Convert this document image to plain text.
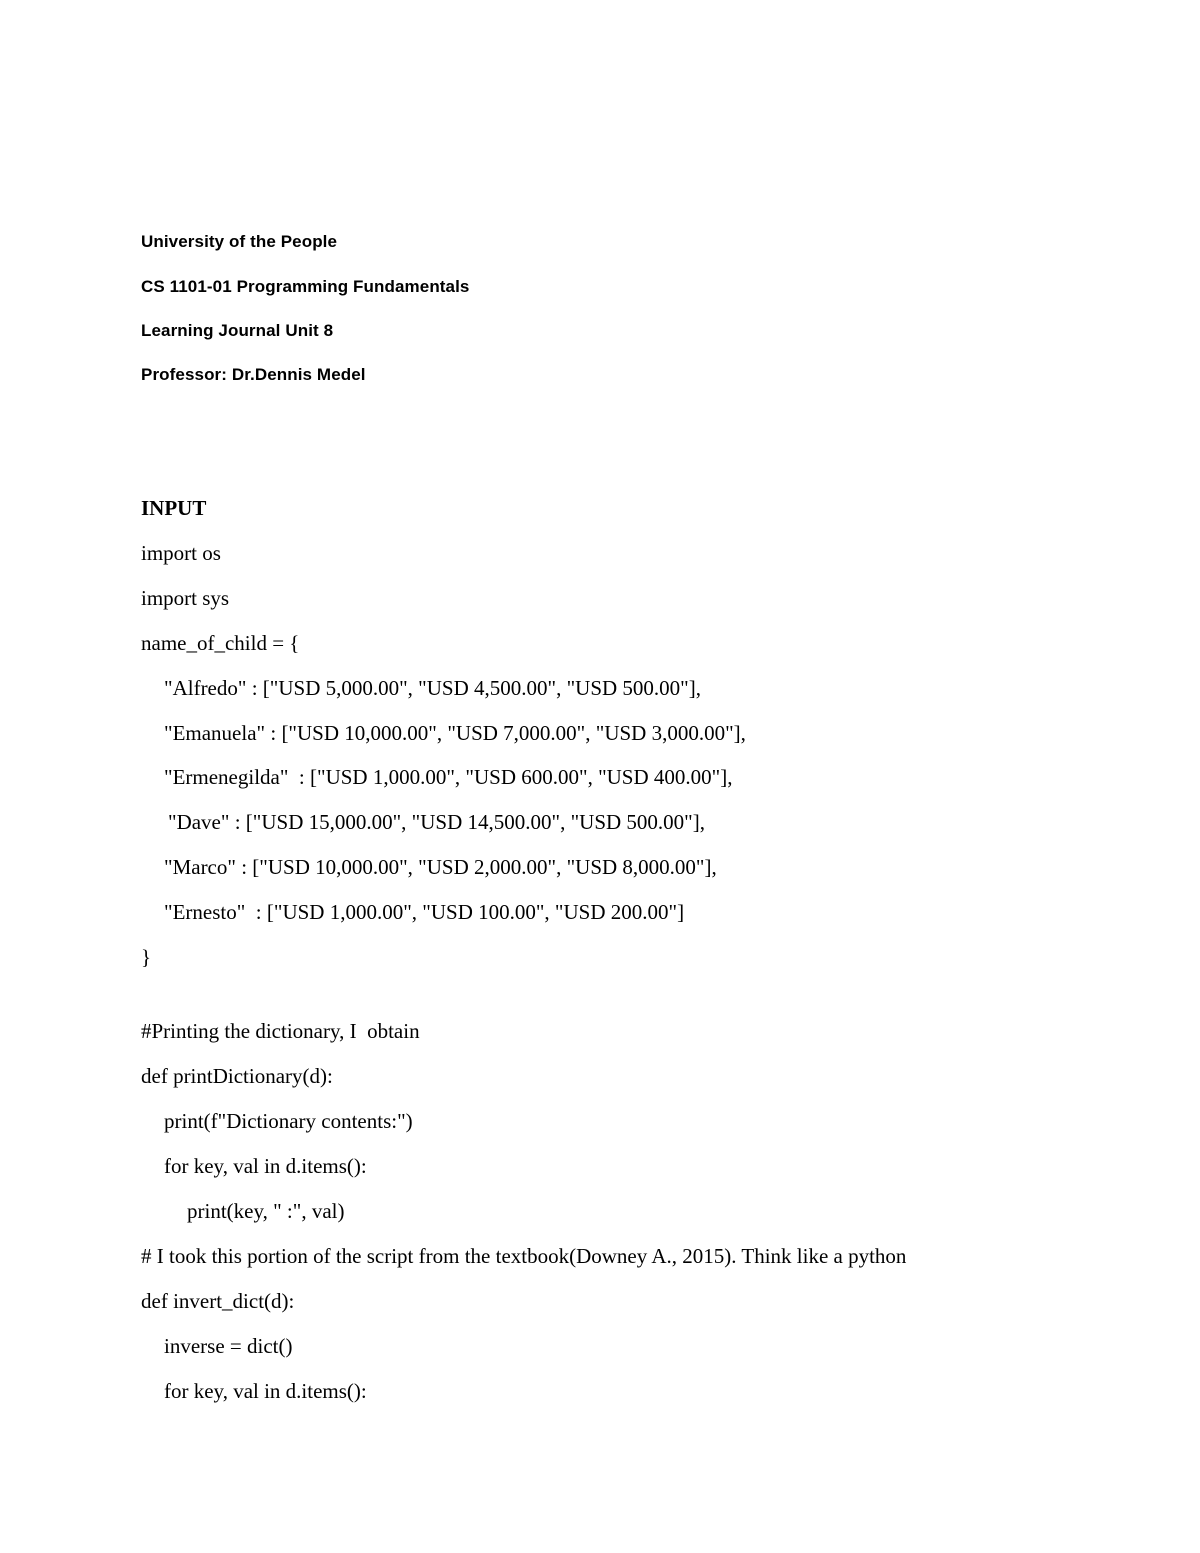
University of the People
CS 1101-01 Programming Fundamentals
Learning Journal Unit 8
Professor: Dr.Dennis Medel
INPUT
import os
import sys
name_of_child = {
"Alfredo" : ["USD 5,000.00", "USD 4,500.00", "USD 500.00"],
"Emanuela" : ["USD 10,000.00", "USD 7,000.00", "USD 3,000.00"],
"Ermenegilda"  : ["USD 1,000.00", "USD 600.00", "USD 400.00"],
"Dave" : ["USD 15,000.00", "USD 14,500.00", "USD 500.00"],
"Marco" : ["USD 10,000.00", "USD 2,000.00", "USD 8,000.00"],
"Ernesto"  : ["USD 1,000.00", "USD 100.00", "USD 200.00"]
}
#Printing the dictionary, I  obtain
def printDictionary(d):
print(f"Dictionary contents:")
for key, val in d.items():
print(key, " :", val)
# I took this portion of the script from the textbook(Downey A., 2015). Think like a python
def invert_dict(d):
inverse = dict()
for key, val in d.items():
